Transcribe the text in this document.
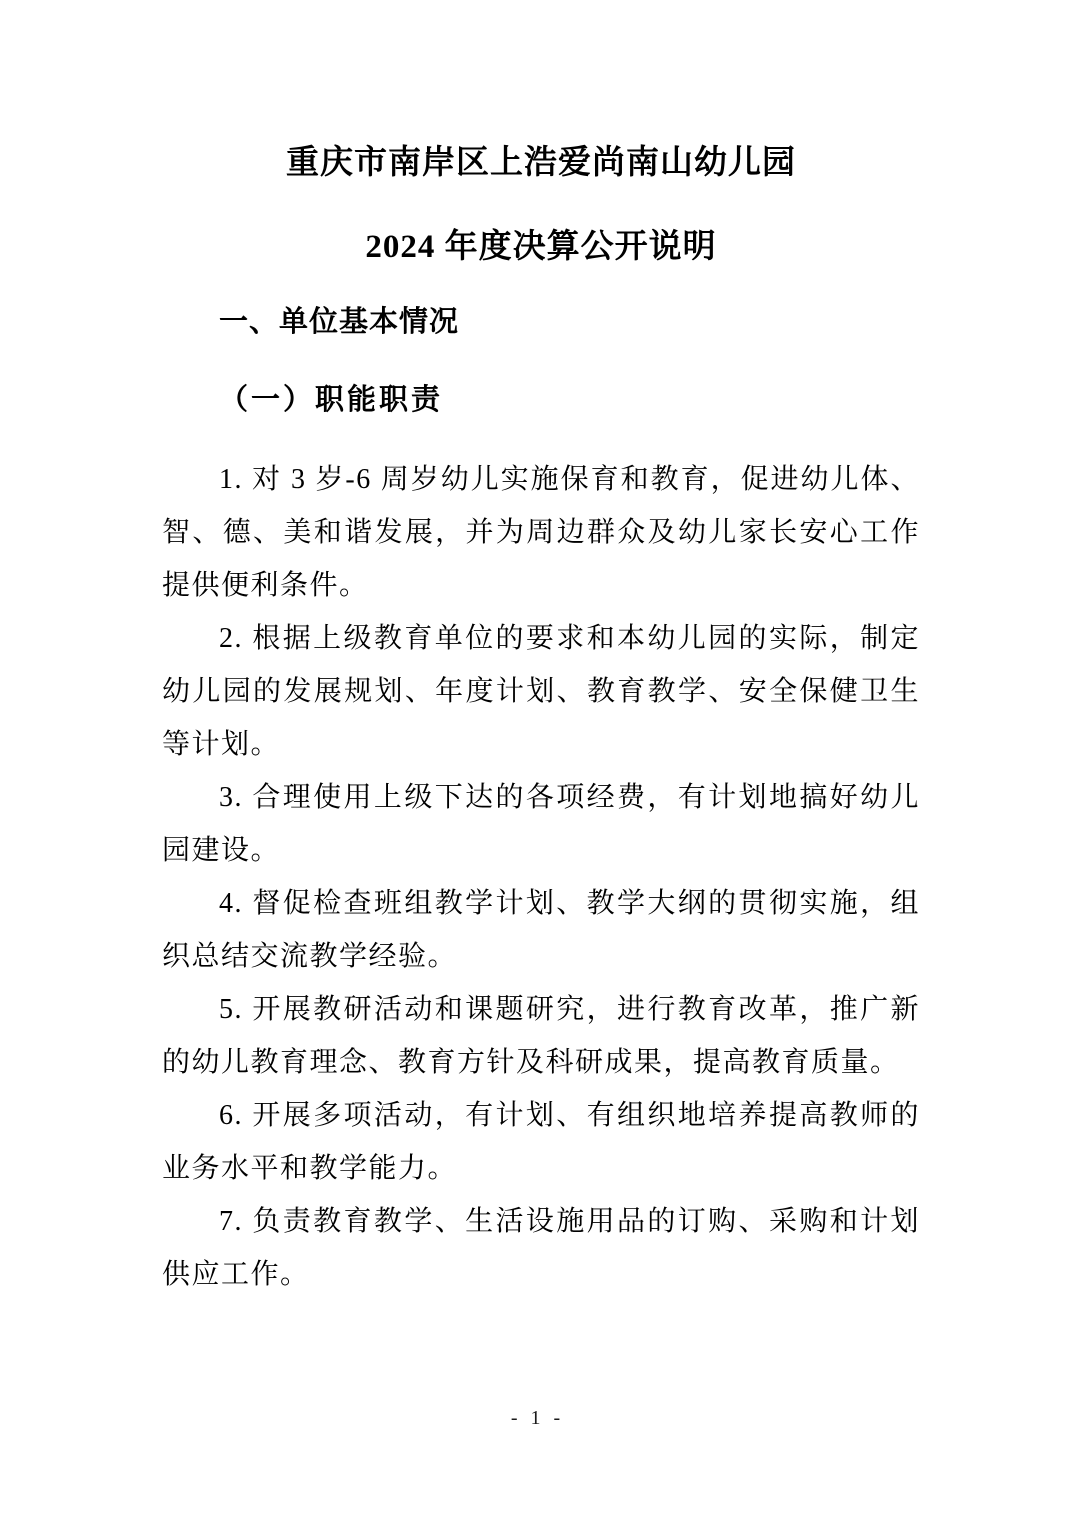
重庆市南岸区上浩爱尚南山幼儿园
2024 年度决算公开说明
一、单位基本情况
（一）职能职责

1. 对 3 岁-6 周岁幼儿实施保育和教育，促进幼儿体、智、德、美和谐发展，并为周边群众及幼儿家长安心工作提供便利条件。

2. 根据上级教育单位的要求和本幼儿园的实际，制定幼儿园的发展规划、年度计划、教育教学、安全保健卫生等计划。

3. 合理使用上级下达的各项经费，有计划地搞好幼儿园建设。

4. 督促检查班组教学计划、教学大纲的贯彻实施，组织总结交流教学经验。

5. 开展教研活动和课题研究，进行教育改革，推广新的幼儿教育理念、教育方针及科研成果，提高教育质量。

6. 开展多项活动，有计划、有组织地培养提高教师的业务水平和教学能力。

7. 负责教育教学、生活设施用品的订购、采购和计划供应工作。

- 1 -
